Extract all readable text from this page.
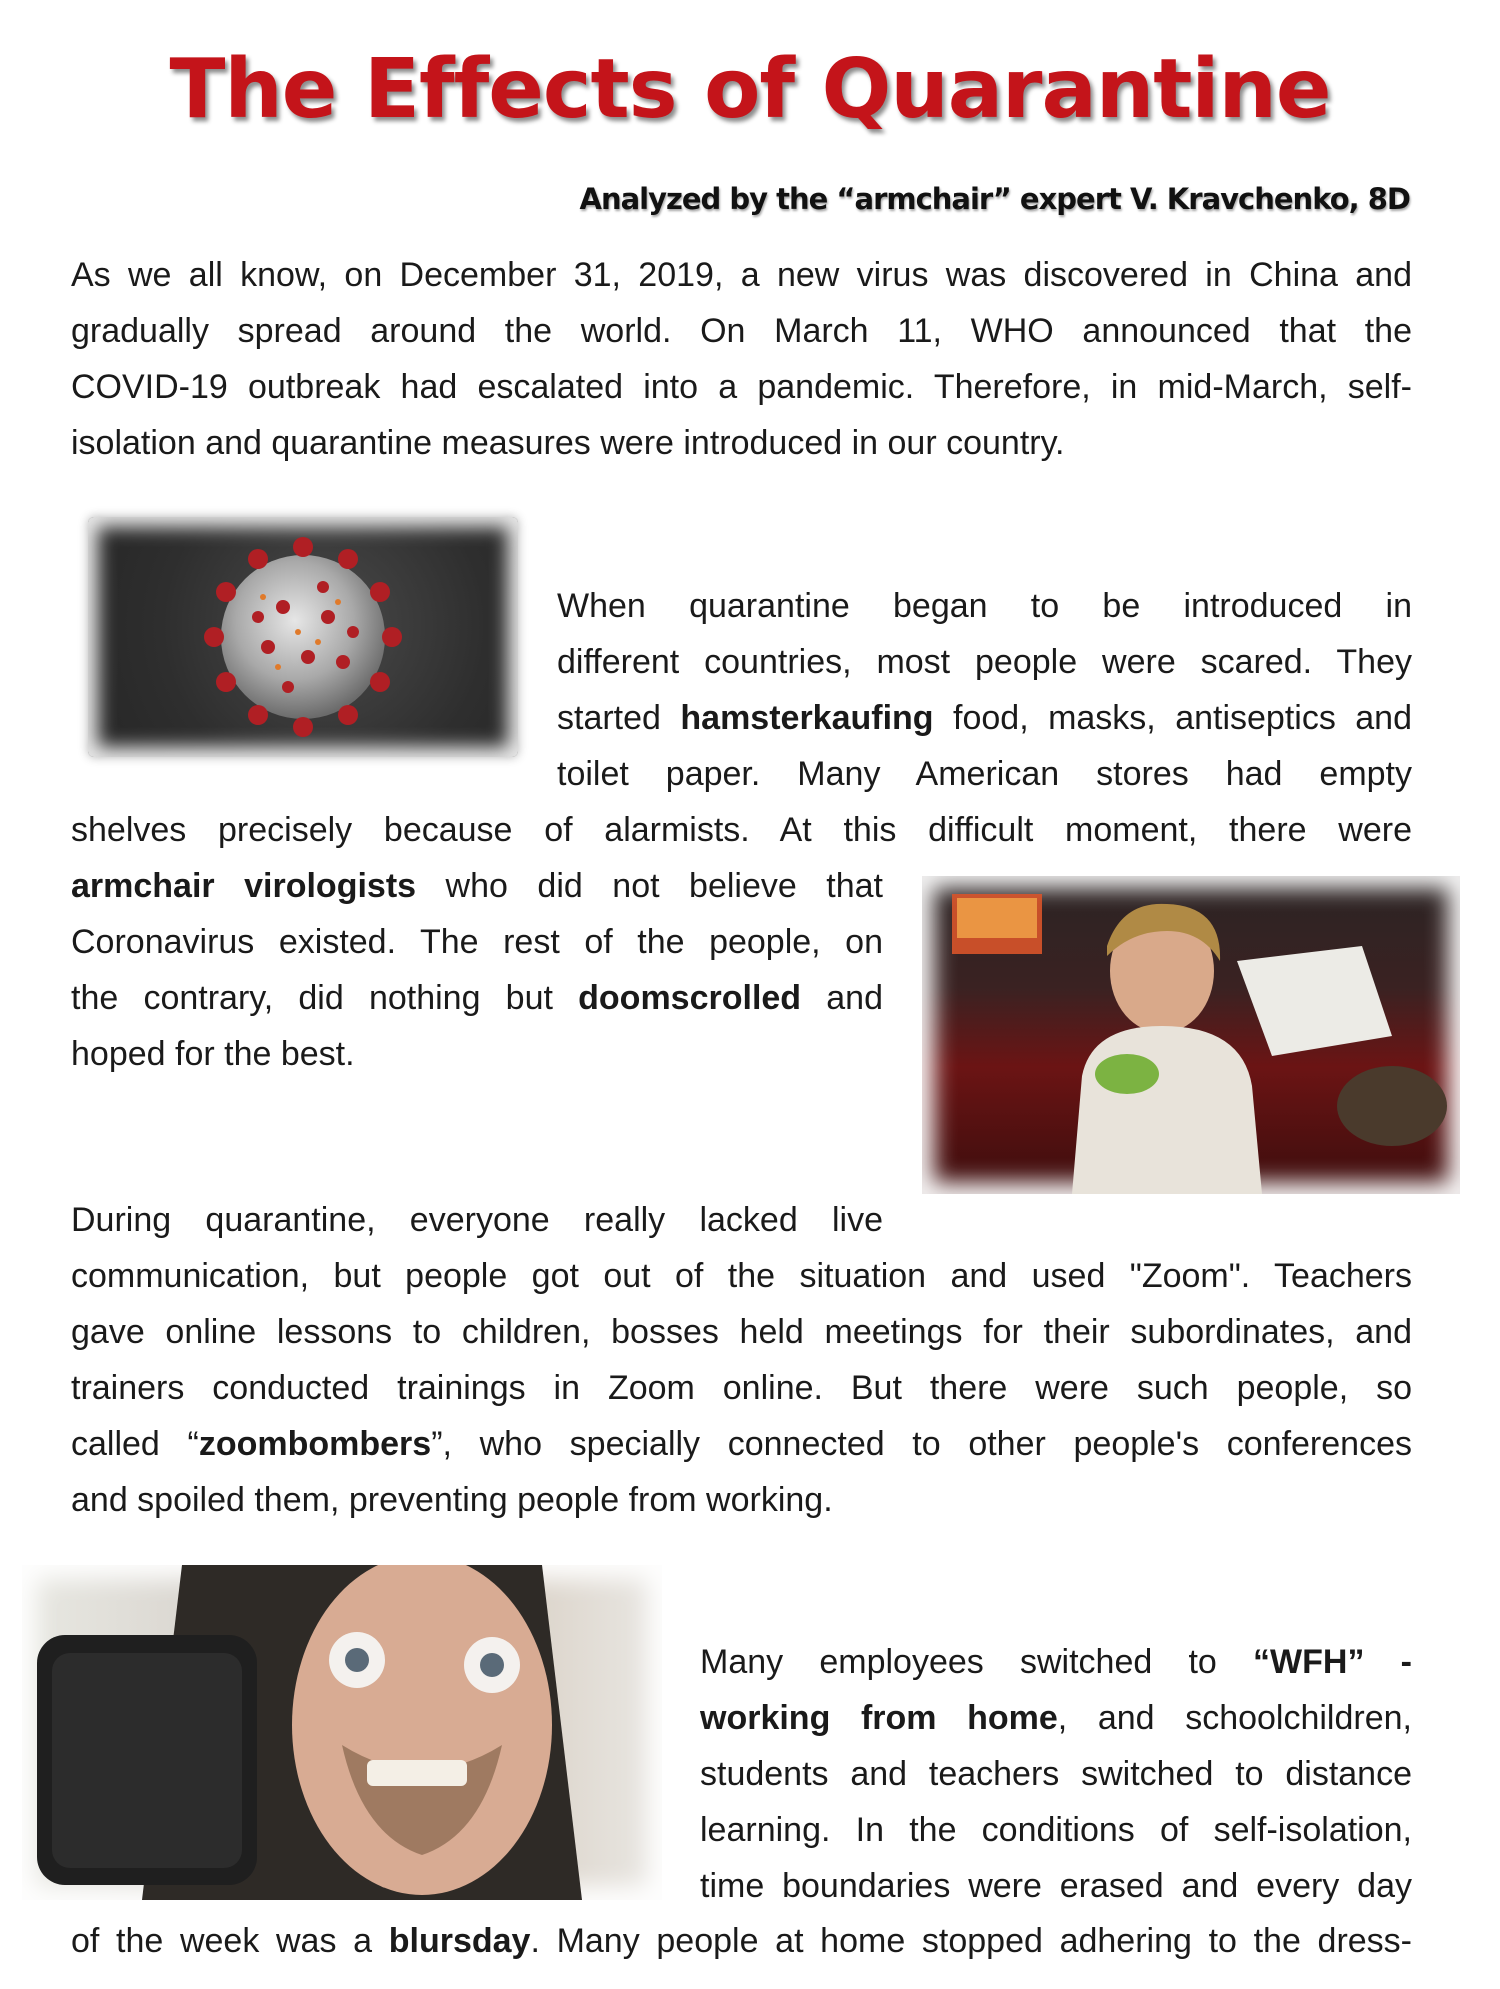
The Effects of Quarantine
Analyzed by the “armchair” expert V. Kravchenko, 8D
As we all know, on December 31, 2019, a new virus was discovered in China and
gradually spread around the world. On March 11, WHO announced that the
COVID-19 outbreak had escalated into a pandemic. Therefore, in mid-March, self-
isolation and quarantine measures were introduced in our country.
When quarantine began to be introduced in
different countries, most people were scared. They
started hamsterkaufing food, masks, antiseptics and
toilet paper. Many American stores had empty
shelves precisely because of alarmists. At this difficult moment, there were
armchair virologists who did not believe that
Coronavirus existed. The rest of the people, on
the contrary, did nothing but doomscrolled and
hoped for the best.
During quarantine, everyone really lacked live
communication, but people got out of the situation and used "Zoom". Teachers
gave online lessons to children, bosses held meetings for their subordinates, and
trainers conducted trainings in Zoom online. But there were such people, so
called “zoombombers”, who specially connected to other people's conferences
and spoiled them, preventing people from working.
Many employees switched to “WFH” -
working from home, and schoolchildren,
students and teachers switched to distance
learning. In the conditions of self-isolation,
time boundaries were erased and every day
of the week was a blursday. Many people at home stopped adhering to the dress-
